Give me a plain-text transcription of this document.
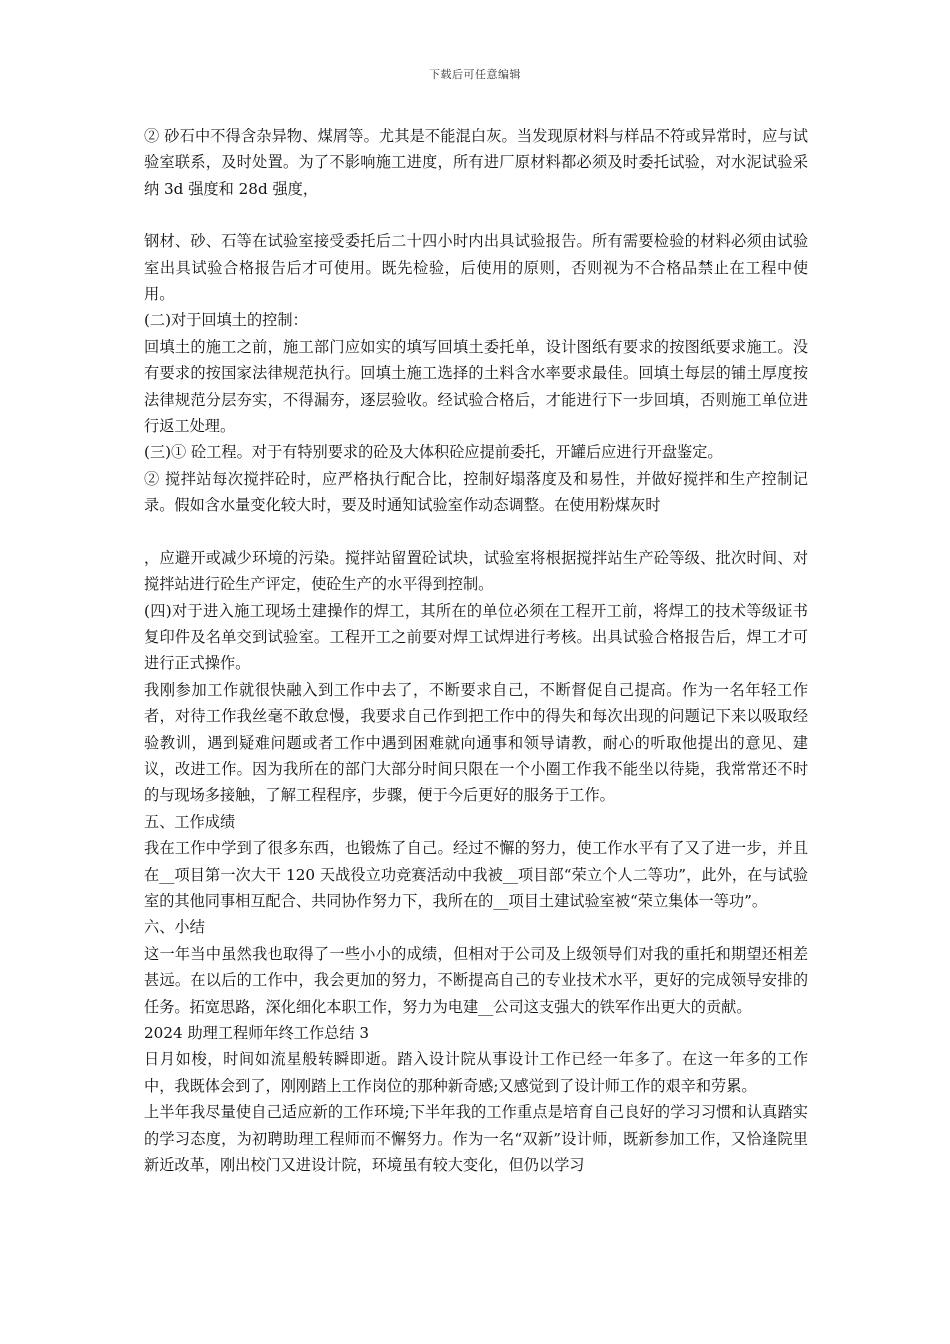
下载后可任意编辑

② 砂石中不得含杂异物、煤屑等。尤其是不能混白灰。当发现原材料与样品不符或异常时，应与试验室联系，及时处置。为了不影响施工进度，所有进厂原材料都必须及时委托试验，对水泥试验采纳 3d 强度和 28d 强度，

钢材、砂、石等在试验室接受委托后二十四小时内出具试验报告。所有需要检验的材料必须由试验室出具试验合格报告后才可使用。既先检验，后使用的原则，否则视为不合格品禁止在工程中使用。

(二)对于回填土的控制：

回填土的施工之前，施工部门应如实的填写回填土委托单，设计图纸有要求的按图纸要求施工。没有要求的按国家法律规范执行。回填土施工选择的土料含水率要求最佳。回填土每层的铺土厚度按法律规范分层夯实，不得漏夯，逐层验收。经试验合格后，才能进行下一步回填，否则施工单位进行返工处理。

(三)① 砼工程。对于有特别要求的砼及大体积砼应提前委托，开罐后应进行开盘鉴定。

② 搅拌站每次搅拌砼时，应严格执行配合比，控制好塌落度及和易性，并做好搅拌和生产控制记录。假如含水量变化较大时，要及时通知试验室作动态调整。在使用粉煤灰时

，应避开或减少环境的污染。搅拌站留置砼试块，试验室将根据搅拌站生产砼等级、批次时间、对搅拌站进行砼生产评定，使砼生产的水平得到控制。

(四)对于进入施工现场土建操作的焊工，其所在的单位必须在工程开工前，将焊工的技术等级证书复印件及名单交到试验室。工程开工之前要对焊工试焊进行考核。出具试验合格报告后，焊工才可进行正式操作。

我刚参加工作就很快融入到工作中去了，不断要求自己，不断督促自己提高。作为一名年轻工作者，对待工作我丝毫不敢怠慢，我要求自己作到把工作中的得失和每次出现的问题记下来以吸取经验教训，遇到疑难问题或者工作中遇到困难就向通事和领导请教，耐心的听取他提出的意见、建议，改进工作。因为我所在的部门大部分时间只限在一个小圈工作我不能坐以待毙，我常常还不时的与现场多接触，了解工程程序，步骤，便于今后更好的服务于工作。

五、工作成绩

我在工作中学到了很多东西，也锻炼了自己。经过不懈的努力，使工作水平有了又了进一步，并且在__项目第一次大干 120 天战役立功竞赛活动中我被__项目部“荣立个人二等功”，此外，在与试验室的其他同事相互配合、共同协作努力下，我所在的__项目土建试验室被“荣立集体一等功”。

六、小结

这一年当中虽然我也取得了一些小小的成绩，但相对于公司及上级领导们对我的重托和期望还相差甚远。在以后的工作中，我会更加的努力，不断提高自己的专业技术水平，更好的完成领导安排的任务。拓宽思路，深化细化本职工作，努力为电建__公司这支强大的铁军作出更大的贡献。

2024 助理工程师年终工作总结 3

日月如梭，时间如流星般转瞬即逝。踏入设计院从事设计工作已经一年多了。在这一年多的工作中，我既体会到了，刚刚踏上工作岗位的那种新奇感;又感觉到了设计师工作的艰辛和劳累。

上半年我尽量使自己适应新的工作环境;下半年我的工作重点是培育自己良好的学习习惯和认真踏实的学习态度，为初聘助理工程师而不懈努力。作为一名“双新”设计师，既新参加工作，又恰逢院里新近改革，刚出校门又进设计院，环境虽有较大变化，但仍以学习
